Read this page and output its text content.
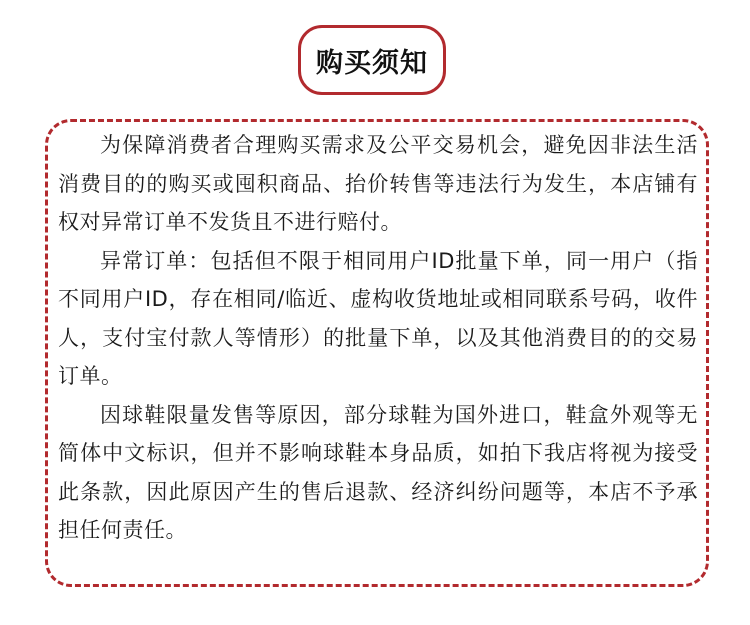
购买须知

为保障消费者合理购买需求及公平交易机会，避免因非法生活消费目的的购买或囤积商品、抬价转售等违法行为发生，本店铺有权对异常订单不发货且不进行赔付。

异常订单：包括但不限于相同用户ID批量下单，同一用户（指不同用户ID，存在相同/临近、虚构收货地址或相同联系号码，收件人，支付宝付款人等情形）的批量下单，以及其他消费目的的交易订单。

因球鞋限量发售等原因，部分球鞋为国外进口，鞋盒外观等无简体中文标识，但并不影响球鞋本身品质，如拍下我店将视为接受此条款，因此原因产生的售后退款、经济纠纷问题等，本店不予承担任何责任。
